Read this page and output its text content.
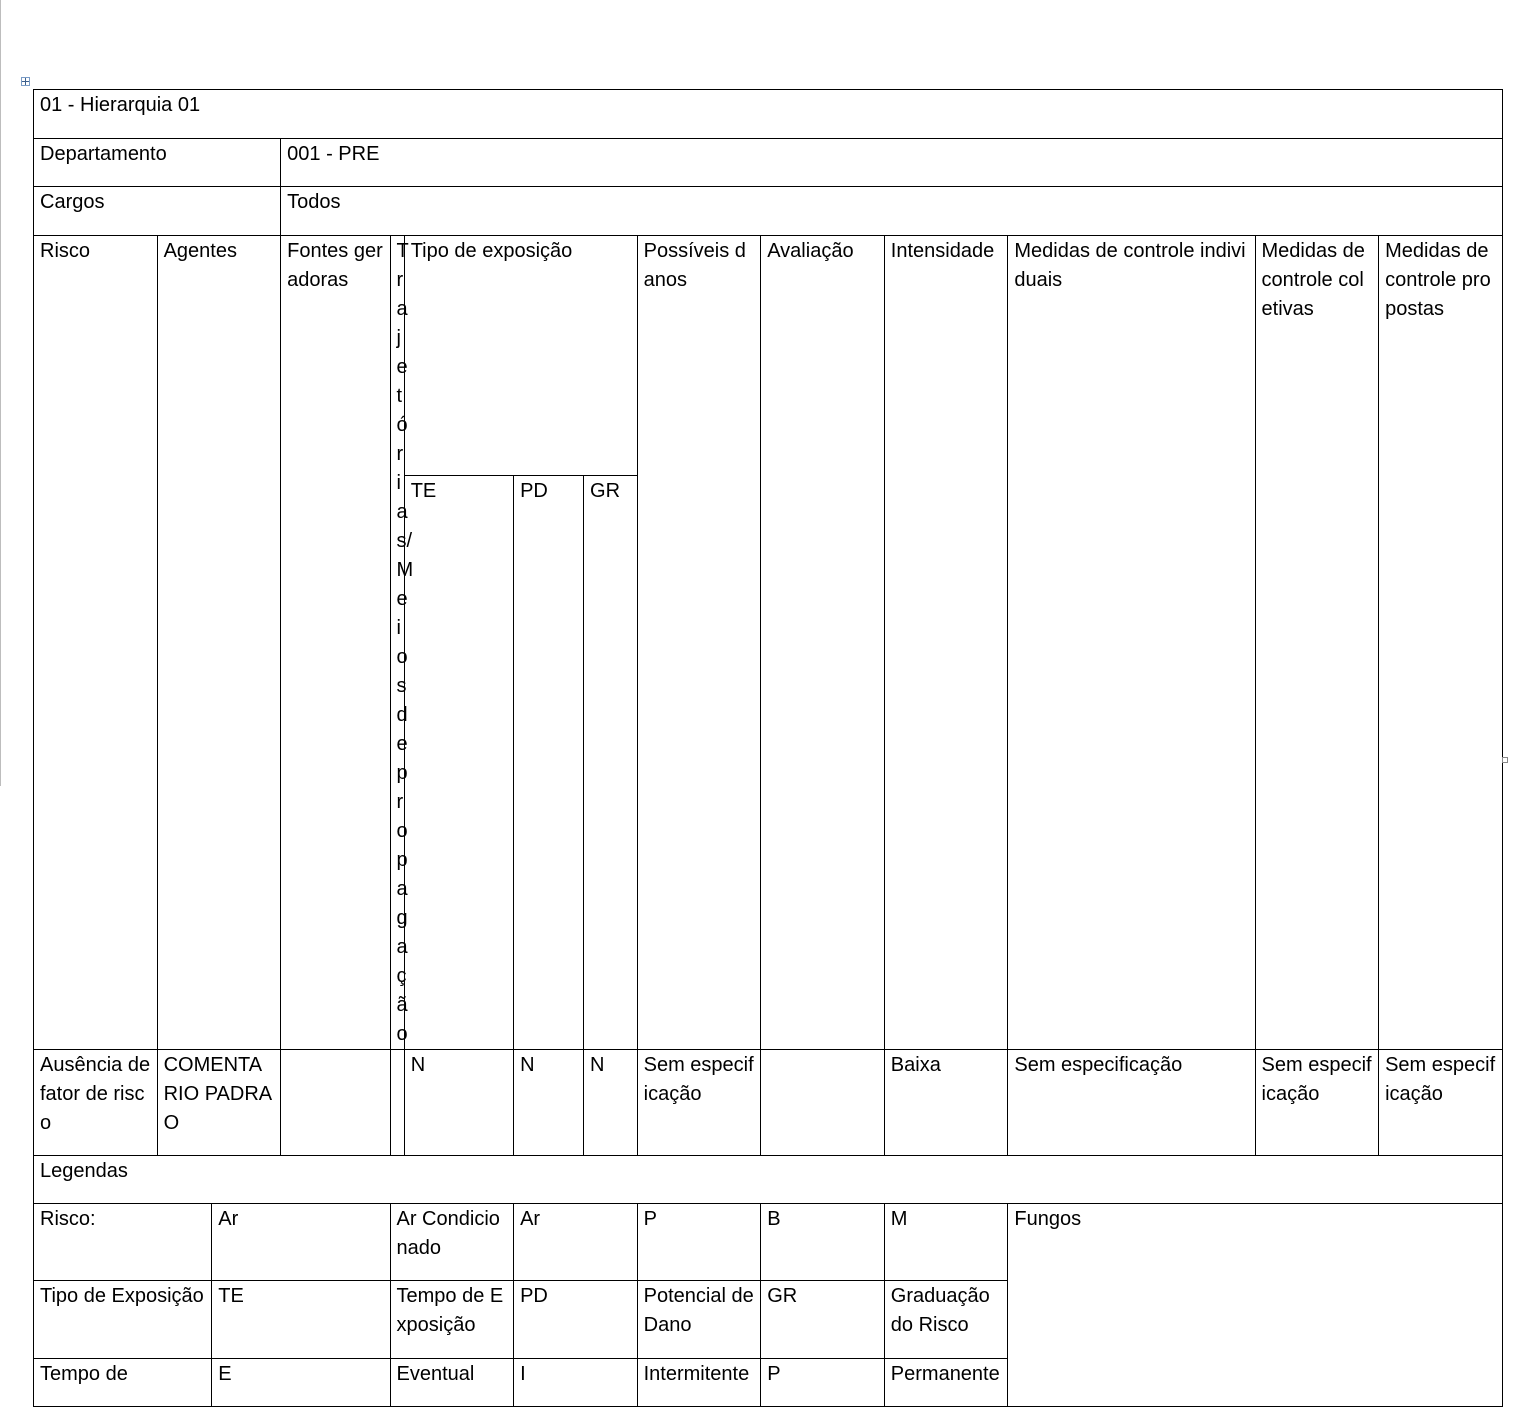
01 - Hierarquia 01													

Departamento			001 - PRE										

Cargos			Todos										

Risco	Agentes		Fontes geradoras	Trajetória s/Meios de propagação	Tipo de exposição			Possíveis danos	Avaliação	Intensidade	Medidas de controle individuais	Medidas de controle coletivas	Medidas de controle propostas

					TE	PD	GR						

Ausência de fator de risco	COMENTARIO PADRAO				N	N	N	Sem especificação		Baixa	Sem especificação	Sem especificação	Sem especificação

Legendas													

Risco:		Ar		Ar Condicionado		Ar		P	B	M	Fungos		

Tipo de Exposição		TE		Tempo de Exposição		PD		Potencial de Dano	GR	Graduação do Risco			

Tempo de		E		Eventual		I		Intermitente	P	Permanente			
